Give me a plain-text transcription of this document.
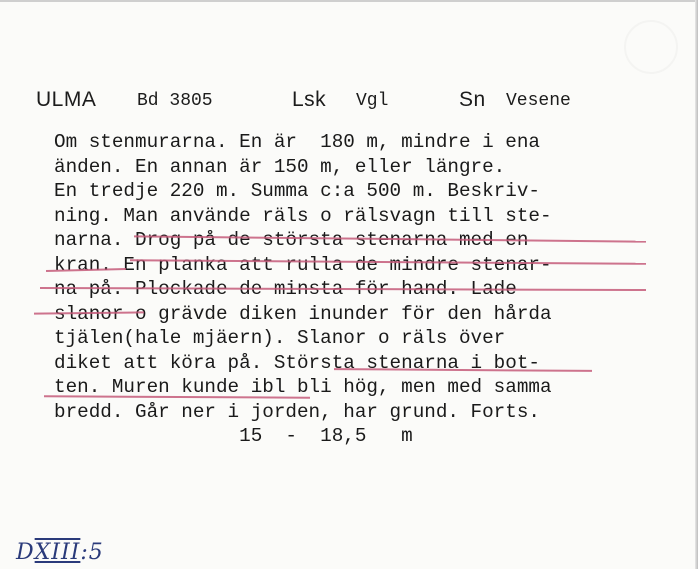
ULMA Bd 3805	Lsk Vgl	Sn Vesene
Om stenmurarna. En är  180 m, mindre i ena
änden. En annan är 150 m, eller längre.
En tredje 220 m. Summa c:a 500 m. Beskriv-
ning. Man använde räls o rälsvagn till ste-
narna. Drog på de största stenarna med en
kran. En planka att rulla de mindre stenar-
na på. Plockade de minsta för hand. Lade
slanor o grävde diken inunder för den hårda
tjälen(hale mjäern). Slanor o räls över
diket att köra på. Största stenarna i bot-
ten. Muren kunde ibl bli hög, men med samma
bredd. Går ner i jorden, har grund. Forts.
15  -  18,5   m
DXIII:5
